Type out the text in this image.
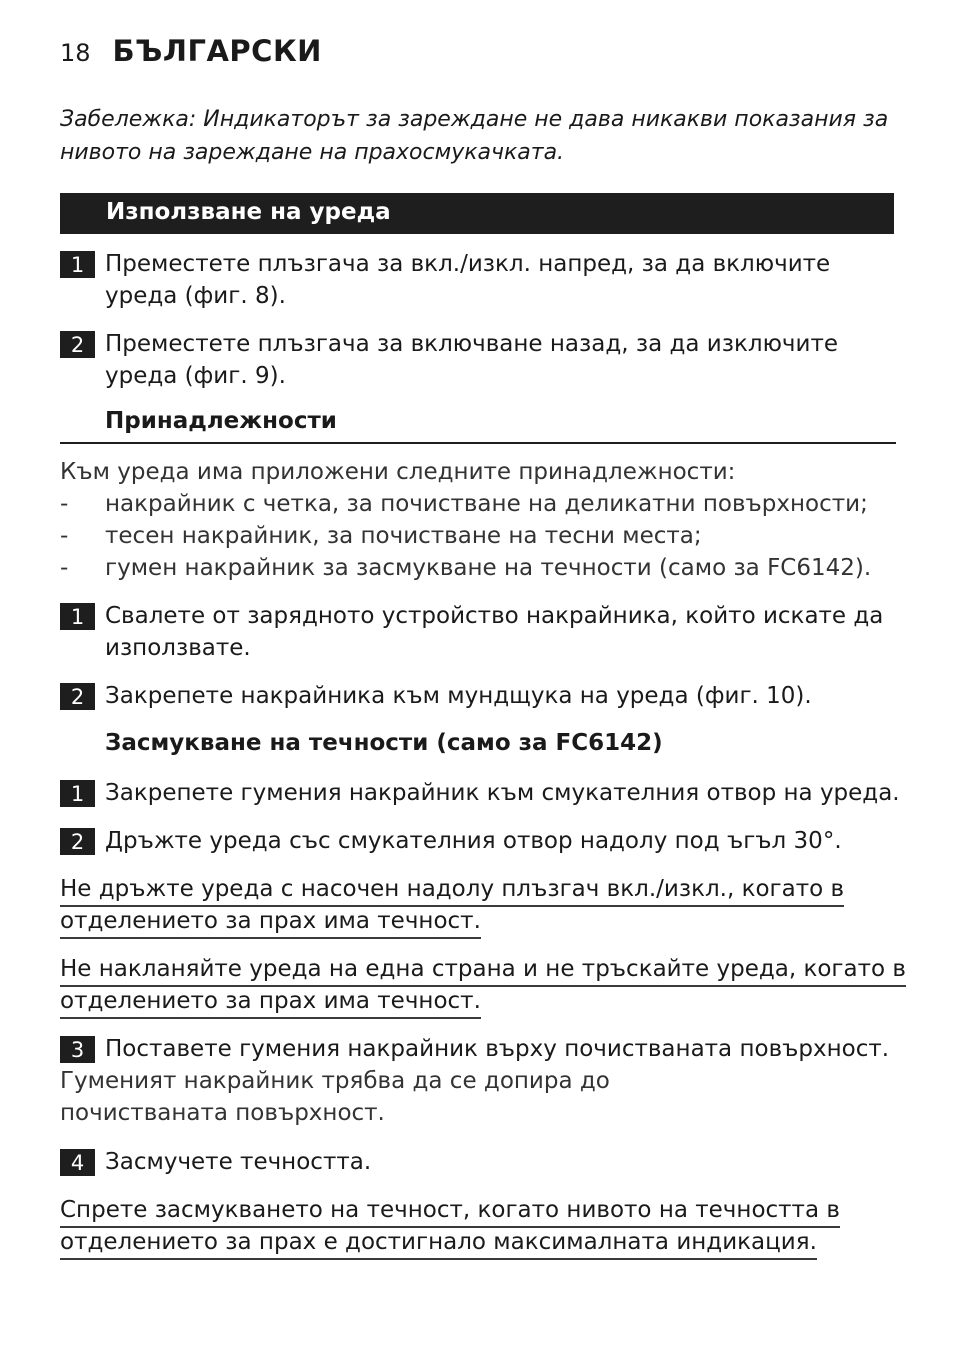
18 БЪЛГАРСКИ
Забележка: Индикаторът за зареждане не дава никакви показания за нивото на зареждане на прахосмукачката.
Използване на уреда
1 Преместете плъзгача за вкл./изкл. напред, за да включите уреда (фиг. 8).
2 Преместете плъзгача за включване назад, за да изключите уреда (фиг. 9).
Принадлежности
Към уреда има приложени следните принадлежности:
-	накрайник с четка, за почистване на деликатни повърхности;
-	тесен накрайник, за почистване на тесни места;
-	гумен накрайник за засмукване на течности (само за FC6142).
1 Свалете от зарядното устройство накрайника, който искате да използвате.
2 Закрепете накрайника към мундщука на уреда (фиг. 10).
Засмукване на течности (само за FC6142)
1 Закрепете гумения накрайник към смукателния отвор на уреда.
2 Дръжте уреда със смукателния отвор надолу под ъгъл 30°.
Не дръжте уреда с насочен надолу плъзгач вкл./изкл., когато в
отделението за прах има течност.
Не накланяйте уреда на една страна и не тръскайте уреда, когато в
отделението за прах има течност.
3 Поставете гумения накрайник върху почистваната повърхност.
Гуменият накрайник трябва да се допира до почистваната повърхност.
4 Засмучете течността.
Спрете засмукването на течност, когато нивото на течността в
отделението за прах е достигнало максималната индикация.
